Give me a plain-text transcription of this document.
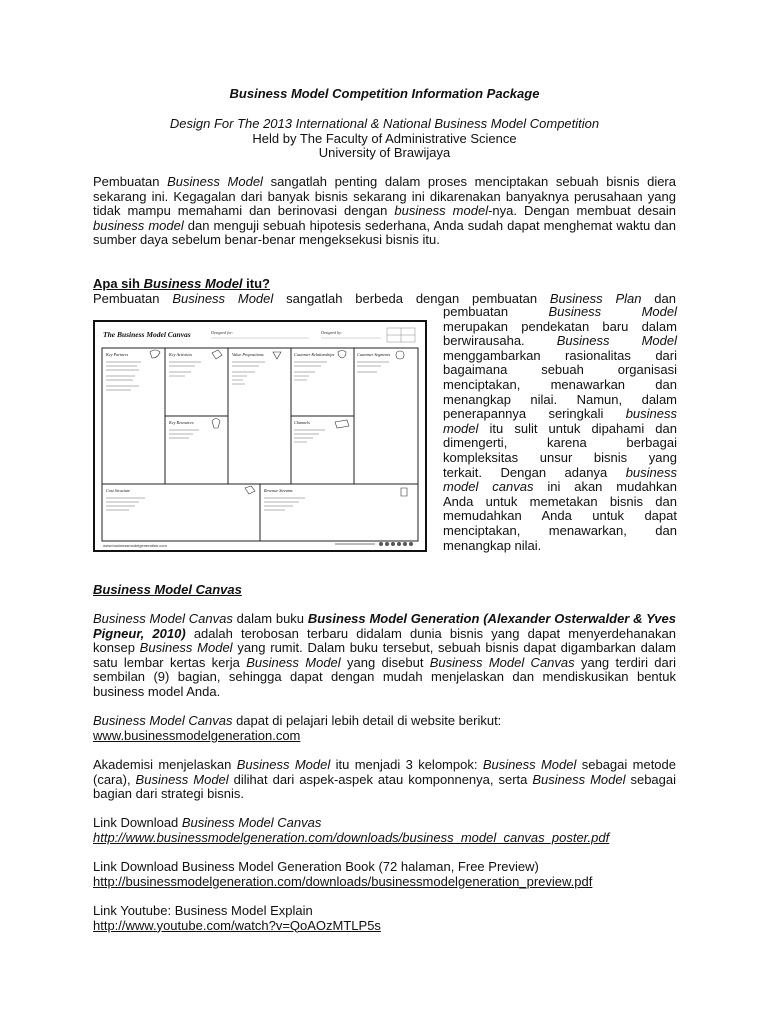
Business Model Competition Information Package
Design For The 2013 International & National Business Model Competition
Held by The Faculty of Administrative Science
University of Brawijaya
Pembuatan Business Model sangatlah penting dalam proses menciptakan sebuah bisnis diera sekarang ini. Kegagalan dari banyak bisnis sekarang ini dikarenakan banyaknya perusahaan yang tidak mampu memahami dan berinovasi dengan business model-nya. Dengan membuat desain business model dan menguji sebuah hipotesis sederhana, Anda sudah dapat menghemat waktu dan sumber daya sebelum benar-benar mengeksekusi bisnis itu.
Apa sih Business Model itu?
Pembuatan Business Model sangatlah berbeda dengan pembuatan Business Plan dan
The Business Model Canvas	Designed for:	Designed by:
Key Partners	Key Activities	Value Propositions	Customer Relationships	Customer Segments
Key Resources	Channels
Cost Structure	Revenue Streams
www.businessmodelgeneration.com
pembuatan Business Model
merupakan pendekatan baru dalam
berwirausaha. Business Model
menggambarkan rasionalitas dari
bagaimana sebuah organisasi
menciptakan, menawarkan dan
menangkap nilai. Namun, dalam
penerapannya seringkali business
model itu sulit untuk dipahami dan
dimengerti, karena berbagai
kompleksitas unsur bisnis yang
terkait. Dengan adanya business
model canvas ini akan mudahkan
Anda untuk memetakan bisnis dan
memudahkan Anda untuk dapat
menciptakan, menawarkan, dan
menangkap nilai.
Business Model Canvas
Business Model Canvas dalam buku Business Model Generation (Alexander Osterwalder & Yves Pigneur, 2010) adalah terobosan terbaru didalam dunia bisnis yang dapat menyerdehanakan konsep Business Model yang rumit. Dalam buku tersebut, sebuah bisnis dapat digambarkan dalam satu lembar kertas kerja Business Model yang disebut Business Model Canvas yang terdiri dari sembilan (9) bagian, sehingga dapat dengan mudah menjelaskan dan mendiskusikan bentuk business model Anda.
Business Model Canvas dapat di pelajari lebih detail di website berikut:
www.businessmodelgeneration.com
Akademisi menjelaskan Business Model itu menjadi 3 kelompok: Business Model sebagai metode (cara), Business Model dilihat dari aspek-aspek atau komponnenya, serta Business Model sebagai bagian dari strategi bisnis.
Link Download Business Model Canvas
http://www.businessmodelgeneration.com/downloads/business_model_canvas_poster.pdf
Link Download Business Model Generation Book (72 halaman, Free Preview)
http://businessmodelgeneration.com/downloads/businessmodelgeneration_preview.pdf
Link Youtube: Business Model Explain
http://www.youtube.com/watch?v=QoAOzMTLP5s
